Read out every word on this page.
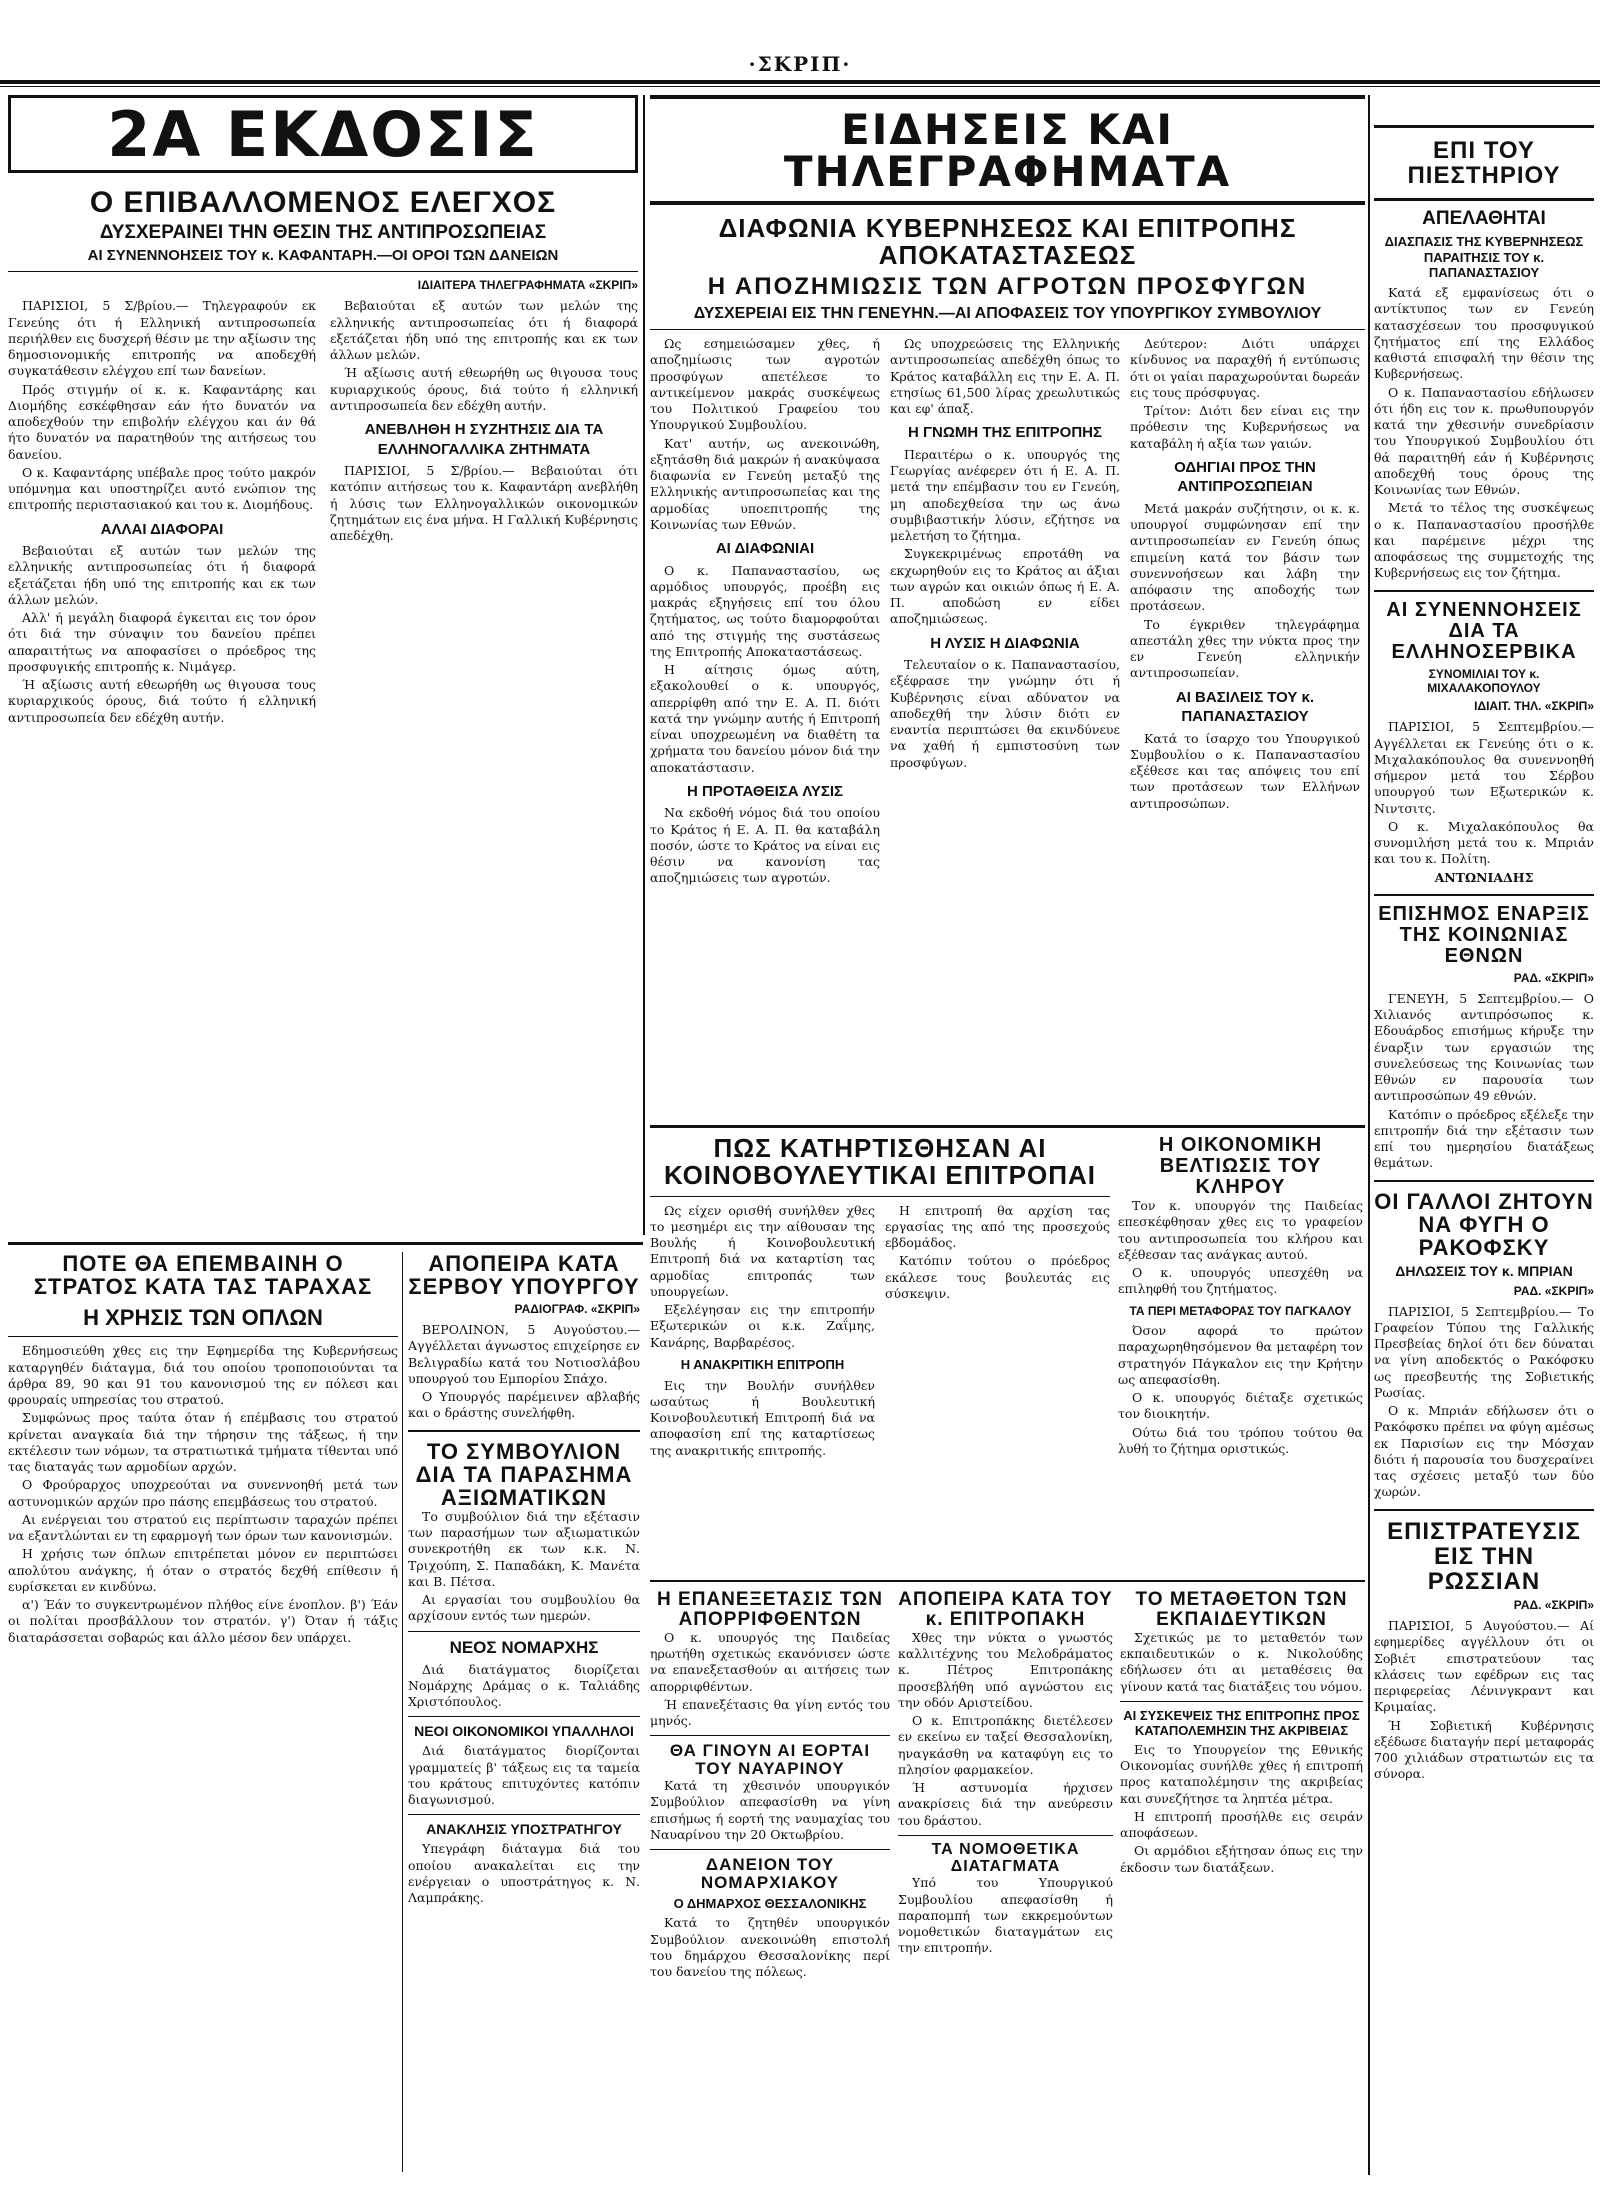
·ΣΚΡΙΠ·
2Α ΕΚΔΟΣΙΣ
Ο ΕΠΙΒΑΛΛΟΜΕΝΟΣ ΕΛΕΓΧΟΣ
ΔΥΣΧΕΡΑΙΝΕΙ ΤΗΝ ΘΕΣΙΝ ΤΗΣ ΑΝΤΙΠΡΟΣΩΠΕΙΑΣ
ΑΙ ΣΥΝΕΝΝΟΗΣΕΙΣ ΤΟΥ κ. ΚΑΦΑΝΤΑΡΗ.—ΟΙ ΟΡΟΙ ΤΩΝ ΔΑΝΕΙΩΝ
ΙΔΙΑΙΤΕΡΑ ΤΗΛΕΓΡΑΦΗΜΑΤΑ «ΣΚΡΙΠ»

ΠΑΡΙΣΙΟΙ, 5 Σ/βρίου.— Τηλεγραφούν εκ Γενεύης ότι ή Ελληνική αντιπροσωπεία περιήλθεν εις δυσχερή θέσιν με την αξίωσιν της δημοσιονομικής επιτροπής να αποδεχθή συγκατάθεσιν ελέγχου επί των δανείων.

Πρός στιγμήν οί κ. κ. Καφαντάρης και Διομήδης εσκέφθησαν εάν ήτο δυνατόν να αποδεχθούν την επιβολήν ελέγχου και άν θά ήτο δυνατόν να παρατηθούν της αιτήσεως του δανείου.

Ο κ. Καφαντάρης υπέβαλε προς τούτο μακρόν υπόμνημα και υποστηρίζει αυτό ενώπιον της επιτροπής περιστασιακού και του κ. Διομήδους.

ΑΛΛΑΙ ΔΙΑΦΟΡΑΙ

Βεβαιούται εξ αυτών των μελών της ελληνικής αντιπροσωπείας ότι ή διαφορά εξετάζεται ήδη υπό της επιτροπής και εκ των άλλων μελών.

Αλλ' ή μεγάλη διαφορά έγκειται εις τον όρον ότι διά την σύναψιν του δανείου πρέπει απαραιτήτως να αποφασίσει ο πρόεδρος της προσφυγικής επιτροπής κ. Νιμάγερ.

Ή αξίωσις αυτή εθεωρήθη ως θιγουσα τους κυριαρχικούς όρους, διά τούτο ή ελληνική αντιπροσωπεία δεν εδέχθη αυτήν.

Βεβαιούται εξ αυτών των μελών της ελληνικής αντιπροσωπείας ότι ή διαφορά εξετάζεται ήδη υπό της επιτροπής και εκ των άλλων μελών.

Ή αξίωσις αυτή εθεωρήθη ως θιγουσα τους κυριαρχικούς όρους, διά τούτο ή ελληνική αντιπροσωπεία δεν εδέχθη αυτήν.

ΑΝΕΒΛΗΘΗ Η ΣΥΖΗΤΗΣΙΣ ΔΙΑ ΤΑ ΕΛΛΗΝΟΓΑΛΛΙΚΑ ΖΗΤΗΜΑΤΑ

ΠΑΡΙΣΙΟΙ, 5 Σ/βρίου.— Βεβαιούται ότι κατόπιν αιτήσεως του κ. Καφαντάρη ανεβλήθη ή λύσις των Ελληνογαλλικών οικονομικών ζητημάτων εις ένα μήνα. Η Γαλλική Κυβέρνησις απεδέχθη.

ΕΙΔΗΣΕΙΣ ΚΑΙ ΤΗΛΕΓΡΑΦΗΜΑΤΑ
ΔΙΑΦΩΝΙΑ ΚΥΒΕΡΝΗΣΕΩΣ ΚΑΙ ΕΠΙΤΡΟΠΗΣ ΑΠΟΚΑΤΑΣΤΑΣΕΩΣ
Η ΑΠΟΖΗΜΙΩΣΙΣ ΤΩΝ ΑΓΡΟΤΩΝ ΠΡΟΣΦΥΓΩΝ
ΔΥΣΧΕΡΕΙΑΙ ΕΙΣ ΤΗΝ ΓΕΝΕΥΗΝ.—ΑΙ ΑΠΟΦΑΣΕΙΣ ΤΟΥ ΥΠΟΥΡΓΙΚΟΥ ΣΥΜΒΟΥΛΙΟΥ

Ως εσημειώσαμεν χθες, ή αποζημίωσις των αγροτών προσφύγων απετέλεσε το αντικείμενον μακράς συσκέψεως του Πολιτικού Γραφείου του Υπουργικού Συμβουλίου.

Κατ' αυτήν, ως ανεκοινώθη, εξητάσθη διά μακρών ή ανακύψασα διαφωνία εν Γενεύη μεταξύ της Ελληνικής αντιπροσωπείας και της αρμοδίας υποεπιτροπής της Κοινωνίας των Εθνών.

ΑΙ ΔΙΑΦΩΝΙΑΙ

Ο κ. Παπαναστασίου, ως αρμόδιος υπουργός, προέβη εις μακράς εξηγήσεις επί του όλου ζητήματος, ως τούτο διαμορφούται από της στιγμής της συστάσεως της Επιτροπής Αποκαταστάσεως.

Η αίτησις όμως αύτη, εξακολουθεί ο κ. υπουργός, απερρίφθη από την Ε. Α. Π. διότι κατά την γνώμην αυτής ή Επιτροπή είναι υποχρεωμένη να διαθέτη τα χρήματα του δανείου μόνον διά την αποκατάστασιν.

Η ΠΡΟΤΑΘΕΙΣΑ ΛΥΣΙΣ

Να εκδοθή νόμος διά του οποίου το Κράτος ή Ε. Α. Π. θα καταβάλη ποσόν, ώστε το Κράτος να είναι εις θέσιν να κανονίση τας αποζημιώσεις των αγροτών.

Ως υποχρεώσεις της Ελληνικής αντιπροσωπείας απεδέχθη όπως το Κράτος καταβάλλη εις την Ε. Α. Π. ετησίως 61,500 λίρας χρεωλυτικώς και εφ' άπαξ.

Η ΓΝΩΜΗ ΤΗΣ ΕΠΙΤΡΟΠΗΣ

Περαιτέρω ο κ. υπουργός της Γεωργίας ανέφερεν ότι ή Ε. Α. Π. μετά την επέμβασιν του εν Γενεύη, μη αποδεχθείσα την ως άνω συμβιβαστικήν λύσιν, εζήτησε να μελετήση το ζήτημα.

Συγκεκριμένως επροτάθη να εκχωρηθούν εις το Κράτος αι άξιαι των αγρών και οικιών όπως ή Ε. Α. Π. αποδώση εν είδει αποζημιώσεως.

Η ΛΥΣΙΣ Η ΔΙΑΦΩΝΙΑ

Τελευταίον ο κ. Παπαναστασίου, εξέφρασε την γνώμην ότι ή Κυβέρνησις είναι αδύνατον να αποδεχθή την λύσιν διότι εν εναντία περιπτώσει θα εκινδύνευε να χαθή ή εμπιστοσύνη των προσφύγων.

Δεύτερον: Διότι υπάρχει κίνδυνος να παραχθή ή εντύπωσις ότι οι γαίαι παραχωρούνται δωρεάν εις τους πρόσφυγας.

Τρίτον: Διότι δεν είναι εις την πρόθεσιν της Κυβερνήσεως να καταβάλη ή αξία των γαιών.

ΟΔΗΓΙΑΙ ΠΡΟΣ ΤΗΝ ΑΝΤΙΠΡΟΣΩΠΕΙΑΝ

Μετά μακράν συζήτησιν, οι κ. κ. υπουργοί συμφώνησαν επί την αντιπροσωπείαν εν Γενεύη όπως επιμείνη κατά τον βάσιν των συνεννοήσεων και λάβη την απόφασιν της αποδοχής των προτάσεων.

Το έγκριθεν τηλεγράφημα απεστάλη χθες την νύκτα προς την εν Γενεύη ελληνικήν αντιπροσωπείαν.

ΑΙ ΒΑΣΙΛΕΙΣ ΤΟΥ κ. ΠΑΠΑΝΑΣΤΑΣΙΟΥ

Κατά το ίσαρχο του Υπουργικού Συμβουλίου ο κ. Παπαναστασίου εξέθεσε και τας απόψεις του επί των προτάσεων των Ελλήνων αντιπροσώπων.

ΕΠΙ ΤΟΥ ΠΙΕΣΤΗΡΙΟΥ
ΑΠΕΛΑΘΗΤΑΙ
ΔΙΑΣΠΑΣΙΣ ΤΗΣ ΚΥΒΕΡΝΗΣΕΩΣ ΠΑΡΑΙΤΗΣΙΣ ΤΟΥ κ. ΠΑΠΑΝΑΣΤΑΣΙΟΥ

Κατά εξ εμφανίσεως ότι ο αντίκτυπος των εν Γενεύη κατασχέσεων του προσφυγικού ζητήματος επί της Ελλάδος καθιστά επισφαλή την θέσιν της Κυβερνήσεως.

Ο κ. Παπαναστασίου εδήλωσεν ότι ήδη εις τον κ. πρωθυπουργόν κατά την χθεσινήν συνεδρίασιν του Υπουργικού Συμβουλίου ότι θά παραιτηθή εάν ή Κυβέρνησις αποδεχθή τους όρους της Κοινωνίας των Εθνών.

Μετά το τέλος της συσκέψεως ο κ. Παπαναστασίου προσήλθε και παρέμεινε μέχρι της αποφάσεως της συμμετοχής της Κυβερνήσεως εις τον ζήτημα.

ΑΙ ΣΥΝΕΝΝΟΗΣΕΙΣ ΔΙΑ ΤΑ ΕΛΛΗΝΟΣΕΡΒΙΚΑ
ΣΥΝΟΜΙΛΙΑΙ ΤΟΥ κ. ΜΙΧΑΛΑΚΟΠΟΥΛΟΥ
ΙΔΙΑΙΤ. ΤΗΛ. «ΣΚΡΙΠ»

ΠΑΡΙΣΙΟΙ, 5 Σεπτεμβρίου.— Αγγέλλεται εκ Γενεύης ότι ο κ. Μιχαλακόπουλος θα συνεννοηθή σήμερον μετά του Σέρβου υπουργού των Εξωτερικών κ. Νιντσιτς.

Ο κ. Μιχαλακόπουλος θα συνομιλήση μετά του κ. Μπριάν και του κ. Πολίτη.

ΑΝΤΩΝΙΑΔΗΣ
ΕΠΙΣΗΜΟΣ ΕΝΑΡΞΙΣ ΤΗΣ ΚΟΙΝΩΝΙΑΣ ΕΘΝΩΝ
ΡΑΔ. «ΣΚΡΙΠ»

ΓΕΝΕΥΗ, 5 Σεπτεμβρίου.— Ο Χιλιανός αντιπρόσωπος κ. Εδουάρδος επισήμως κήρυξε την έναρξιν των εργασιών της συνελεύσεως της Κοινωνίας των Εθνών εν παρουσία των αντιπροσώπων 49 εθνών.

Κατόπιν ο πρόεδρος εξέλεξε την επιτροπήν διά την εξέτασιν των επί του ημερησίου διατάξεως θεμάτων.

ΟΙ ΓΑΛΛΟΙ ΖΗΤΟΥΝ ΝΑ ΦΥΓΗ Ο ΡΑΚΟΦΣΚΥ
ΔΗΛΩΣΕΙΣ ΤΟΥ κ. ΜΠΡΙΑΝ
ΡΑΔ. «ΣΚΡΙΠ»

ΠΑΡΙΣΙΟΙ, 5 Σεπτεμβρίου.— Το Γραφείον Τύπου της Γαλλικής Πρεσβείας δηλοί ότι δεν δύναται να γίνη αποδεκτός ο Ρακόφσκυ ως πρεσβευτής της Σοβιετικής Ρωσίας.

Ο κ. Μπριάν εδήλωσεν ότι ο Ρακόφσκυ πρέπει να φύγη αμέσως εκ Παρισίων εις την Μόσχαν διότι ή παρουσία του δυσχεραίνει τας σχέσεις μεταξύ των δύο χωρών.

ΕΠΙΣΤΡΑΤΕΥΣΙΣ ΕΙΣ ΤΗΝ ΡΩΣΣΙΑΝ
ΡΑΔ. «ΣΚΡΙΠ»

ΠΑΡΙΣΙΟΙ, 5 Αυγούστου.— Αί εφημερίδες αγγέλλουν ότι οι Σοβιέτ επιστρατεύουν τας κλάσεις των εφέδρων εις τας περιφερείας Λένινγκραντ και Κριμαίας.

Ή Σοβιετική Κυβέρνησις εξέδωσε διαταγήν περί μεταφοράς 700 χιλιάδων στρατιωτών εις τα σύνορα.

ΠΟΤΕ ΘΑ ΕΠΕΜΒΑΙΝΗ Ο ΣΤΡΑΤΟΣ ΚΑΤΑ ΤΑΣ ΤΑΡΑΧΑΣ
Η ΧΡΗΣΙΣ ΤΩΝ ΟΠΛΩΝ

Εδημοσιεύθη χθες εις την Εφημερίδα της Κυβερνήσεως καταργηθέν διάταγμα, διά του οποίου τροποποιούνται τα άρθρα 89, 90 και 91 του κανονισμού της εν πόλεσι και φρουραίς υπηρεσίας του στρατού.

Συμφώνως προς ταύτα όταν ή επέμβασις του στρατού κρίνεται αναγκαία διά την τήρησιν της τάξεως, ή την εκτέλεσιν των νόμων, τα στρατιωτικά τμήματα τίθενται υπό τας διαταγάς των αρμοδίων αρχών.

Ο Φρούραρχος υποχρεούται να συνεννοηθή μετά των αστυνομικών αρχών προ πάσης επεμβάσεως του στρατού.

Αι ενέργειαι του στρατού εις περίπτωσιν ταραχών πρέπει να εξαντλώνται εν τη εφαρμογή των όρων των κανονισμών.

Η χρήσις των όπλων επιτρέπεται μόνον εν περιπτώσει απολύτου ανάγκης, ή όταν ο στρατός δεχθή επίθεσιν ή ευρίσκεται εν κινδύνω.

α') Έάν το συγκεντρωμένον πλήθος είνε ένοπλον. β') Έάν οι πολίται προσβάλλουν τον στρατόν. γ') Όταν ή τάξις διαταράσσεται σοβαρώς και άλλο μέσον δεν υπάρχει.

ΑΠΟΠΕΙΡΑ ΚΑΤΑ ΣΕΡΒΟΥ ΥΠΟΥΡΓΟΥ
ΡΑΔΙΟΓΡΑΦ. «ΣΚΡΙΠ»

ΒΕΡΟΛΙΝΟΝ, 5 Αυγούστου.— Αγγέλλεται άγνωστος επιχείρησε εν Βελιγραδίω κατά του Νοτιοσλάβου υπουργού του Εμπορίου Σπάχο.

Ο Υπουργός παρέμεινεν αβλαβής και ο δράστης συνελήφθη.

ΤΟ ΣΥΜΒΟΥΛΙΟΝ ΔΙΑ ΤΑ ΠΑΡΑΣΗΜΑ ΑΞΙΩΜΑΤΙΚΩΝ

Το συμβούλιον διά την εξέτασιν των παρασήμων των αξιωματικών συνεκροτήθη εκ των κ.κ. Ν. Τριχούπη, Σ. Παπαδάκη, Κ. Μανέτα και Β. Πέτσα.

Αι εργασίαι του συμβουλίου θα αρχίσουν εντός των ημερών.

ΝΕΟΣ ΝΟΜΑΡΧΗΣ

Διά διατάγματος διορίζεται Νομάρχης Δράμας ο κ. Ταλιάδης Χριστόπουλος.

ΝΕΟΙ ΟΙΚΟΝΟΜΙΚΟΙ ΥΠΑΛΛΗΛΟΙ

Διά διατάγματος διορίζονται γραμματείς β' τάξεως εις τα ταμεία του κράτους επιτυχόντες κατόπιν διαγωνισμού.

ΑΝΑΚΛΗΣΙΣ ΥΠΟΣΤΡΑΤΗΓΟΥ

Υπεγράφη διάταγμα διά του οποίου ανακαλείται εις την ενέργειαν ο υποστράτηγος κ. Ν. Λαμπράκης.

ΠΩΣ ΚΑΤΗΡΤΙΣΘΗΣΑΝ ΑΙ ΚΟΙΝΟΒΟΥΛΕΥΤΙΚΑΙ ΕΠΙΤΡΟΠΑΙ

Ως είχεν ορισθή συνήλθεν χθες το μεσημέρι εις την αίθουσαν της Βουλής ή Κοινοβουλευτική Επιτροπή διά να καταρτίση τας αρμοδίας επιτροπάς των υπουργείων.

Εξελέγησαν εις την επιτροπήν Εξωτερικών οι κ.κ. Ζαΐμης, Κανάρης, Βαρβαρέσος.

Η ΑΝΑΚΡΙΤΙΚΗ ΕΠΙΤΡΟΠΗ

Εις την Βουλήν συνήλθεν ωσαύτως ή Βουλευτική Κοινοβουλευτική Επιτροπή διά να αποφασίση επί της καταρτίσεως της ανακριτικής επιτροπής.

Η επιτροπή θα αρχίση τας εργασίας της από της προσεχούς εβδομάδος.

Κατόπιν τούτου ο πρόεδρος εκάλεσε τους βουλευτάς εις σύσκεψιν.

Η ΟΙΚΟΝΟΜΙΚΗ ΒΕΛΤΙΩΣΙΣ ΤΟΥ ΚΛΗΡΟΥ

Τον κ. υπουργόν της Παιδείας επεσκέφθησαν χθες εις το γραφείον του αντιπροσωπεία του κλήρου και εξέθεσαν τας ανάγκας αυτού.

Ο κ. υπουργός υπεσχέθη να επιληφθή του ζητήματος.

ΤΑ ΠΕΡΙ ΜΕΤΑΦΟΡΑΣ ΤΟΥ ΠΑΓΚΑΛΟΥ

Όσον αφορά το πρώτον παραχωρηθησόμενον θα μεταφέρη τον στρατηγόν Πάγκαλον εις την Κρήτην ως απεφασίσθη.

Ο κ. υπουργός διέταξε σχετικώς τον διοικητήν.

Ούτω διά του τρόπου τούτου θα λυθή το ζήτημα οριστικώς.

Η ΕΠΑΝΕΞΕΤΑΣΙΣ ΤΩΝ ΑΠΟΡΡΙΦΘΕΝΤΩΝ

Ο κ. υπουργός της Παιδείας ηρωτήθη σχετικώς εκανόνισεν ώστε να επανεξετασθούν αι αιτήσεις των απορριφθέντων.

Ή επανεξέτασις θα γίνη εντός του μηνός.

ΘΑ ΓΙΝΟΥΝ ΑΙ ΕΟΡΤΑΙ ΤΟΥ ΝΑΥΑΡΙΝΟΥ

Κατά τη χθεσινόν υπουργικόν Συμβούλιον απεφασίσθη να γίνη επισήμως ή εορτή της ναυμαχίας του Ναυαρίνου την 20 Οκτωβρίου.

ΔΑΝΕΙΟΝ ΤΟΥ ΝΟΜΑΡΧΙΑΚΟΥ
Ο ΔΗΜΑΡΧΟΣ ΘΕΣΣΑΛΟΝΙΚΗΣ

Κατά το ζητηθέν υπουργικόν Συμβούλιον ανεκοινώθη επιστολή του δημάρχου Θεσσαλονίκης περί του δανείου της πόλεως.

ΑΠΟΠΕΙΡΑ ΚΑΤΑ ΤΟΥ κ. ΕΠΙΤΡΟΠΑΚΗ

Χθες την νύκτα ο γνωστός καλλιτέχνης του Μελοδράματος κ. Πέτρος Επιτροπάκης προσεβλήθη υπό αγνώστου εις την οδόν Αριστείδου.

Ο κ. Επιτροπάκης διετέλεσεν εν εκείνω εν ταξεί Θεσσαλονίκη, ηναγκάσθη να καταφύγη εις το πλησίον φαρμακείον.

Ή αστυνομία ήρχισεν ανακρίσεις διά την ανεύρεσιν του δράστου.

ΤΑ ΝΟΜΟΘΕΤΙΚΑ ΔΙΑΤΑΓΜΑΤΑ

Υπό του Υπουργικού Συμβουλίου απεφασίσθη ή παραπομπή των εκκρεμούντων νομοθετικών διαταγμάτων εις την επιτροπήν.

ΤΟ ΜΕΤΑΘΕΤΟΝ ΤΩΝ ΕΚΠΑΙΔΕΥΤΙΚΩΝ

Σχετικώς με το μεταθετόν των εκπαιδευτικών ο κ. Νικολούδης εδήλωσεν ότι αι μεταθέσεις θα γίνουν κατά τας διατάξεις του νόμου.

ΑΙ ΣΥΣΚΕΨΕΙΣ ΤΗΣ ΕΠΙΤΡΟΠΗΣ ΠΡΟΣ ΚΑΤΑΠΟΛΕΜΗΣΙΝ ΤΗΣ ΑΚΡΙΒΕΙΑΣ

Εις το Υπουργείον της Εθνικής Οικονομίας συνήλθε χθες ή επιτροπή προς καταπολέμησιν της ακριβείας και συνεζήτησε τα ληπτέα μέτρα.

Η επιτροπή προσήλθε εις σειράν αποφάσεων.

Οι αρμόδιοι εξήτησαν όπως εις την έκδοσιν των διατάξεων.
